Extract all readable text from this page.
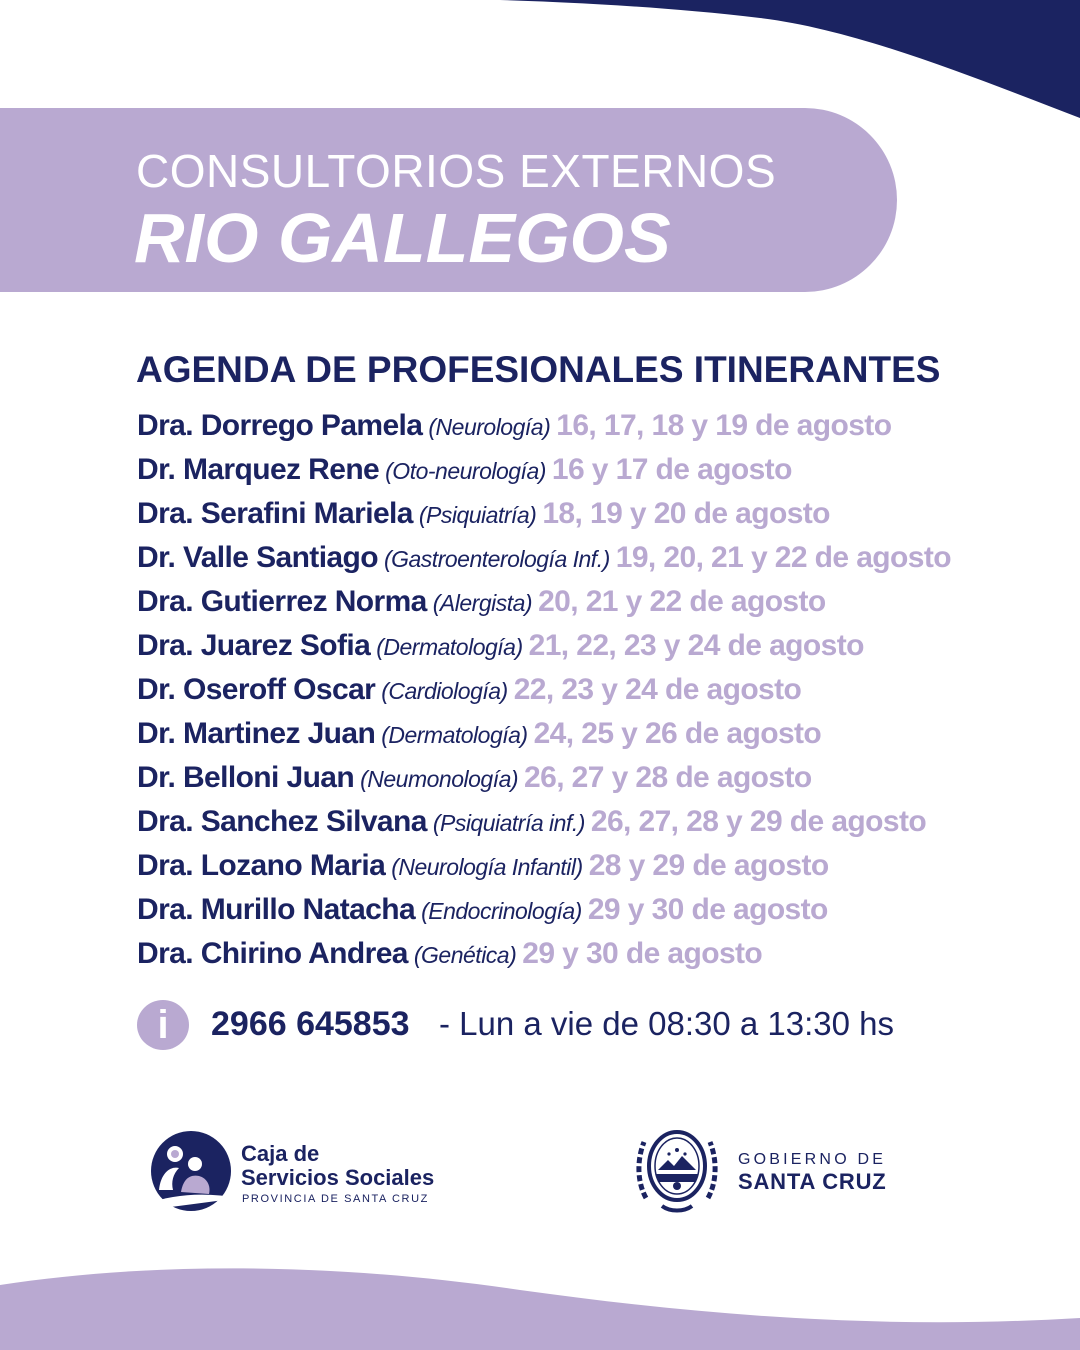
CONSULTORIOS EXTERNOS
RIO GALLEGOS
AGENDA DE PROFESIONALES ITINERANTES
Dra. Dorrego Pamela (Neurología) 16, 17, 18 y 19 de agosto
Dr. Marquez Rene (Oto-neurología) 16 y 17 de agosto
Dra. Serafini Mariela (Psiquiatría) 18, 19 y 20 de agosto
Dr. Valle Santiago (Gastroenterología Inf.) 19, 20, 21 y 22 de agosto
Dra. Gutierrez Norma (Alergista) 20, 21 y 22 de agosto
Dra. Juarez Sofia (Dermatología) 21, 22, 23 y 24 de agosto
Dr. Oseroff Oscar (Cardiología) 22, 23 y 24 de agosto
Dr. Martinez Juan (Dermatología) 24, 25 y 26 de agosto
Dr. Belloni Juan (Neumonología) 26, 27 y 28 de agosto
Dra. Sanchez Silvana (Psiquiatría inf.) 26, 27, 28 y 29 de agosto
Dra. Lozano Maria (Neurología Infantil) 28 y 29 de agosto
Dra. Murillo Natacha (Endocrinología) 29 y 30 de agosto
Dra. Chirino Andrea (Genética) 29 y 30 de agosto
i	2966 645853 - Lun a vie de 08:30 a 13:30 hs
Caja de
Servicios Sociales
PROVINCIA DE SANTA CRUZ
GOBIERNO DE
SANTA CRUZ
